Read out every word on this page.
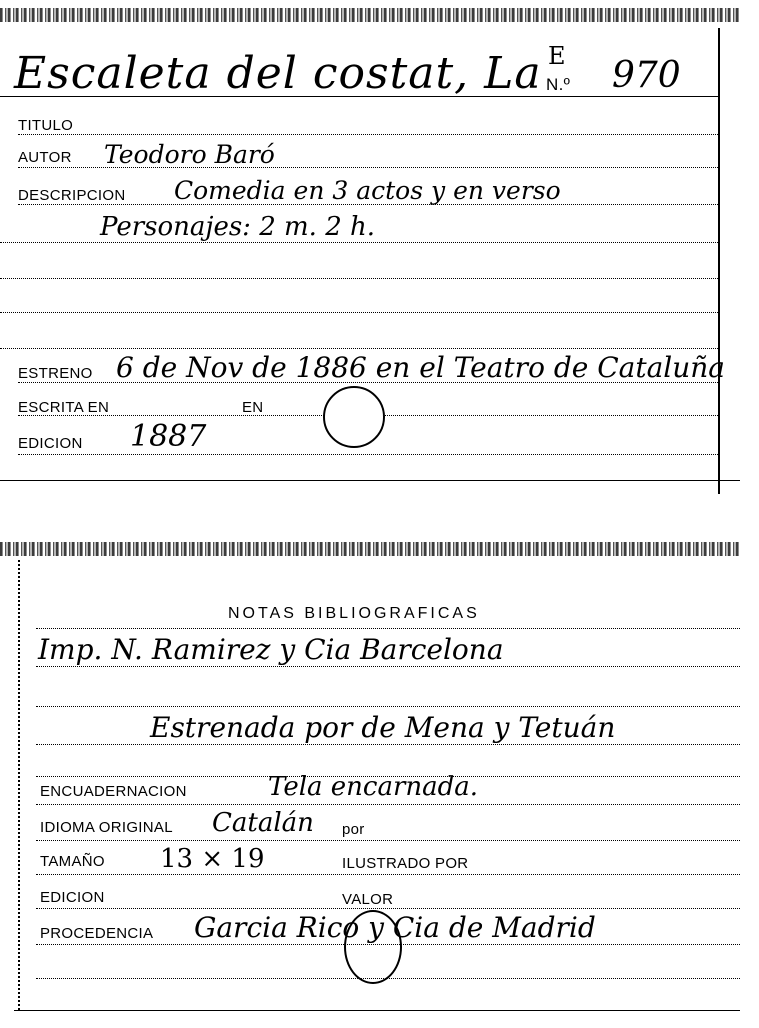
Escaleta del costat, La E
N.º 970
TITULO
AUTOR Teodoro Baró
DESCRIPCION Comedia en 3 actos y en verso
Personajes: 2 m. 2 h.
ESTRENO 6 de Nov de 1886 en el Teatro de Cataluña
ESCRITA EN	EN
EDICION 1887
NOTAS BIBLIOGRAFICAS
Imp. N. Ramirez y Cia Barcelona
Estrenada por de Mena y Tetuán
ENCUADERNACION	Tela encarnada.
IDIOMA ORIGINAL Catalán por
TAMAÑO 13 × 19	ILUSTRADO POR
EDICION	VALOR
PROCEDENCIA Garcia Rico y Cia de Madrid
